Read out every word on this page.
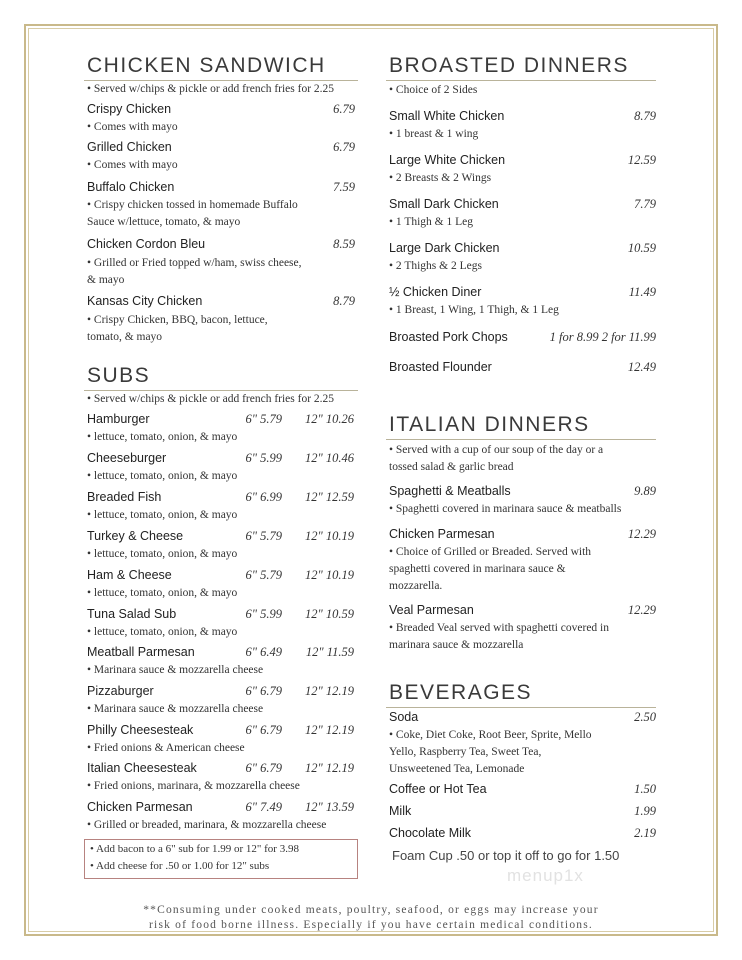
CHICKEN SANDWICH
• Served w/chips & pickle or add french fries for 2.25
Crispy Chicken	6.79
• Comes with mayo
Grilled Chicken	6.79
• Comes with mayo
Buffalo Chicken	7.59
• Crispy chicken tossed in homemade Buffalo Sauce w/lettuce, tomato, & mayo
Chicken Cordon Bleu	8.59
• Grilled or Fried topped w/ham, swiss cheese, & mayo
Kansas City Chicken	8.79
• Crispy Chicken, BBQ, bacon, lettuce, tomato, & mayo
SUBS
• Served w/chips & pickle or add french fries for 2.25
Hamburger	6" 5.79	12" 10.26
• lettuce, tomato, onion, & mayo
Cheeseburger	6" 5.99	12" 10.46
• lettuce, tomato, onion, & mayo
Breaded Fish	6" 6.99	12" 12.59
• lettuce, tomato, onion, & mayo
Turkey & Cheese	6" 5.79	12" 10.19
• lettuce, tomato, onion, & mayo
Ham & Cheese	6" 5.79	12" 10.19
• lettuce, tomato, onion, & mayo
Tuna Salad Sub	6" 5.99	12" 10.59
• lettuce, tomato, onion, & mayo
Meatball Parmesan	6" 6.49	12" 11.59
• Marinara sauce & mozzarella cheese
Pizzaburger	6" 6.79	12" 12.19
• Marinara sauce & mozzarella cheese
Philly Cheesesteak	6" 6.79	12" 12.19
• Fried onions & American cheese
Italian Cheesesteak	6" 6.79	12" 12.19
• Fried onions, marinara, & mozzarella cheese
Chicken Parmesan	6" 7.49	12" 13.59
• Grilled or breaded, marinara, & mozzarella cheese
• Add bacon to a 6" sub for 1.99 or 12" for 3.98
• Add cheese for .50 or 1.00 for 12" subs
BROASTED DINNERS
• Choice of 2 Sides
Small White Chicken	8.79
• 1 breast & 1 wing
Large White Chicken	12.59
• 2 Breasts & 2 Wings
Small Dark Chicken	7.79
• 1 Thigh & 1 Leg
Large Dark Chicken	10.59
• 2 Thighs & 2 Legs
½ Chicken Diner	11.49
• 1 Breast, 1 Wing, 1 Thigh, & 1 Leg
Broasted Pork Chops	1 for 8.99 2 for 11.99
Broasted Flounder	12.49
ITALIAN DINNERS
• Served with a cup of our soup of the day or a tossed salad & garlic bread
Spaghetti & Meatballs	9.89
• Spaghetti covered in marinara sauce & meatballs
Chicken Parmesan	12.29
• Choice of Grilled or Breaded. Served with spaghetti covered in marinara sauce & mozzarella.
Veal Parmesan	12.29
• Breaded Veal served with spaghetti covered in marinara sauce & mozzarella
BEVERAGES
Soda	2.50
• Coke, Diet Coke, Root Beer, Sprite, Mello Yello, Raspberry Tea, Sweet Tea, Unsweetened Tea, Lemonade
Coffee or Hot Tea	1.50
Milk	1.99
Chocolate Milk	2.19
Foam Cup .50 or top it off to go for 1.50
menup1x
**Consuming under cooked meats, poultry, seafood, or eggs may increase your
risk of food borne illness. Especially if you have certain medical conditions.
